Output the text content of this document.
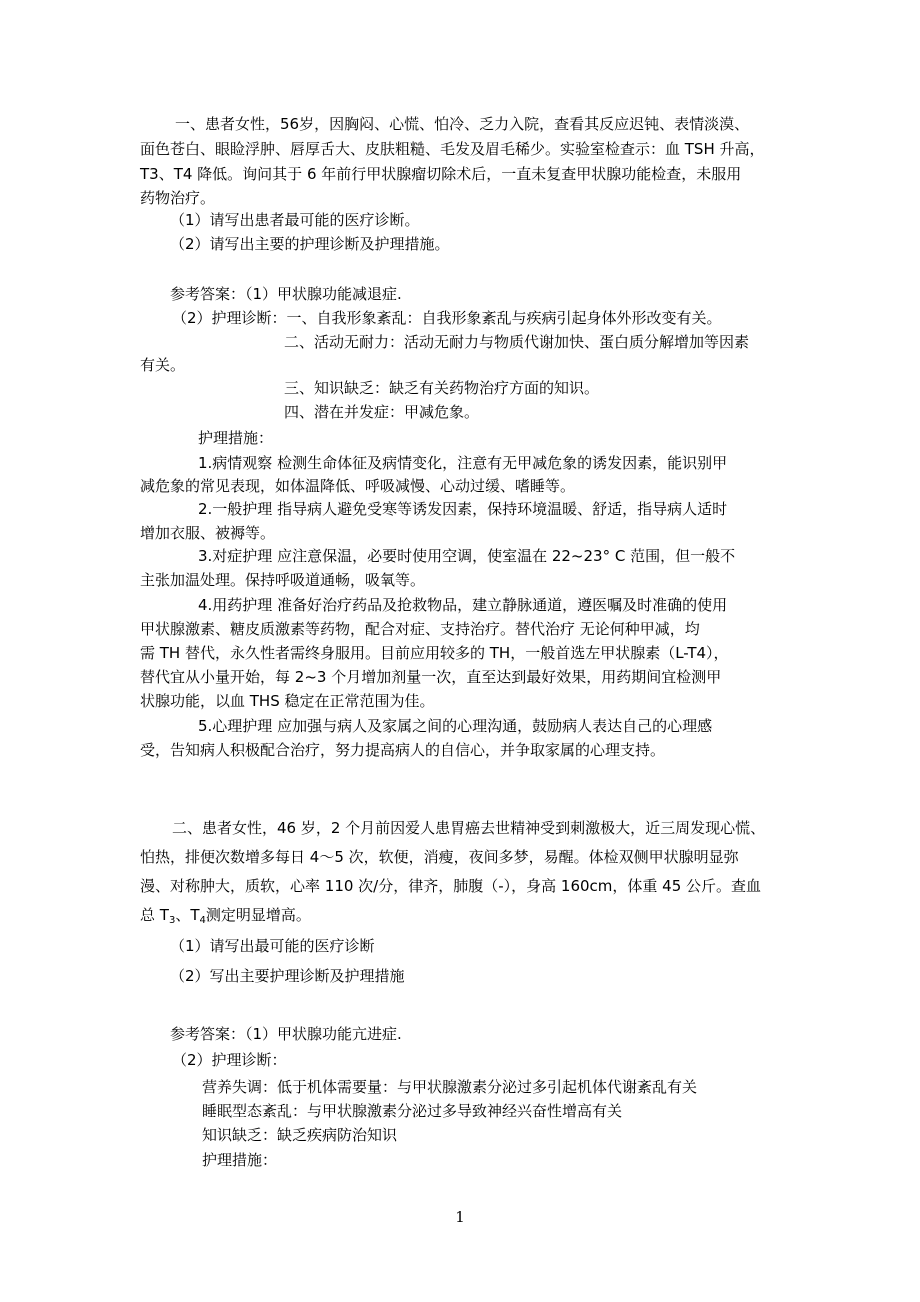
一、患者女性，56岁，因胸闷、心慌、怕冷、乏力入院，查看其反应迟钝、表情淡漠、
面色苍白、眼睑浮肿、唇厚舌大、皮肤粗糙、毛发及眉毛稀少。实验室检查示：血 TSH 升高，
T3、T4 降低。询问其于 6 年前行甲状腺瘤切除术后，一直未复查甲状腺功能检查，未服用
药物治疗。
（1）请写出患者最可能的医疗诊断。
（2）请写出主要的护理诊断及护理措施。
参考答案：（1）甲状腺功能减退症.
（2）护理诊断：一、自我形象紊乱：自我形象紊乱与疾病引起身体外形改变有关。
二、活动无耐力：活动无耐力与物质代谢加快、蛋白质分解增加等因素
有关。
三、知识缺乏：缺乏有关药物治疗方面的知识。
四、潜在并发症：甲减危象。
护理措施：
1.病情观察 检测生命体征及病情变化，注意有无甲减危象的诱发因素，能识别甲
减危象的常见表现，如体温降低、呼吸减慢、心动过缓、嗜睡等。
2.一般护理 指导病人避免受寒等诱发因素，保持环境温暖、舒适，指导病人适时
增加衣服、被褥等。
3.对症护理 应注意保温，必要时使用空调，使室温在 22~23° C 范围，但一般不
主张加温处理。保持呼吸道通畅，吸氧等。
4.用药护理 准备好治疗药品及抢救物品，建立静脉通道，遵医嘱及时准确的使用
甲状腺激素、糖皮质激素等药物，配合对症、支持治疗。替代治疗 无论何种甲减，均
需 TH 替代，永久性者需终身服用。目前应用较多的 TH，一般首选左甲状腺素（L-T4），
替代宜从小量开始，每 2~3 个月增加剂量一次，直至达到最好效果，用药期间宜检测甲
状腺功能，以血 THS 稳定在正常范围为佳。
5.心理护理 应加强与病人及家属之间的心理沟通，鼓励病人表达自己的心理感
受，告知病人积极配合治疗，努力提高病人的自信心，并争取家属的心理支持。
二、患者女性，46 岁，2 个月前因爱人患胃癌去世精神受到刺激极大，近三周发现心慌、
怕热，排便次数增多每日 4～5 次，软便，消瘦，夜间多梦，易醒。体检双侧甲状腺明显弥
漫、对称肿大，质软，心率 110 次/分，律齐，肺腹（-），身高 160cm，体重 45 公斤。查血
总 $T_3$、$T_4$测定明显增高。
（1）请写出最可能的医疗诊断
（2）写出主要护理诊断及护理措施
参考答案：（1）甲状腺功能亢进症.
（2）护理诊断：
营养失调：低于机体需要量：与甲状腺激素分泌过多引起机体代谢紊乱有关
睡眠型态紊乱：与甲状腺激素分泌过多导致神经兴奋性增高有关
知识缺乏：缺乏疾病防治知识
护理措施：
1
